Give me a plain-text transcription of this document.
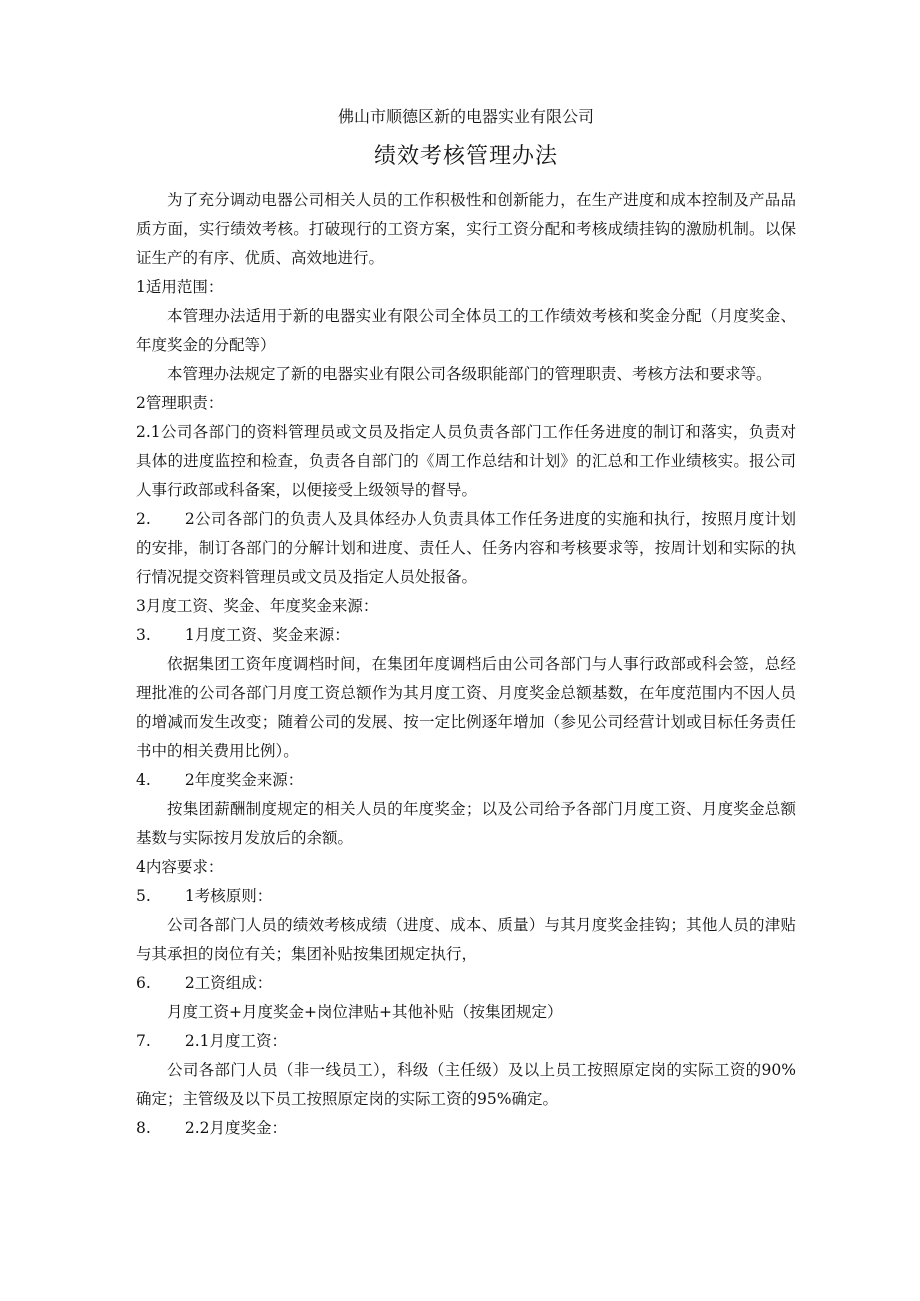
佛山市顺德区新的电器实业有限公司

绩效考核管理办法

为了充分调动电器公司相关人员的工作积极性和创新能力，在生产进度和成本控制及产品品质方面，实行绩效考核。打破现行的工资方案，实行工资分配和考核成绩挂钩的激励机制。以保证生产的有序、优质、高效地进行。

1适用范围：

本管理办法适用于新的电器实业有限公司全体员工的工作绩效考核和奖金分配（月度奖金、年度奖金的分配等）

本管理办法规定了新的电器实业有限公司各级职能部门的管理职责、考核方法和要求等。

2管理职责：

2.1公司各部门的资料管理员或文员及指定人员负责各部门工作任务进度的制订和落实，负责对具体的进度监控和检查，负责各自部门的《周工作总结和计划》的汇总和工作业绩核实。报公司人事行政部或科备案，以便接受上级领导的督导。

2. 2公司各部门的负责人及具体经办人负责具体工作任务进度的实施和执行，按照月度计划的安排，制订各部门的分解计划和进度、责任人、任务内容和考核要求等，按周计划和实际的执行情况提交资料管理员或文员及指定人员处报备。

3月度工资、奖金、年度奖金来源：

3. 1月度工资、奖金来源：

依据集团工资年度调档时间，在集团年度调档后由公司各部门与人事行政部或科会签，总经理批准的公司各部门月度工资总额作为其月度工资、月度奖金总额基数，在年度范围内不因人员的增减而发生改变；随着公司的发展、按一定比例逐年增加（参见公司经营计划或目标任务责任书中的相关费用比例）。

4. 2年度奖金来源：

按集团薪酬制度规定的相关人员的年度奖金；以及公司给予各部门月度工资、月度奖金总额基数与实际按月发放后的余额。

4内容要求：

5. 1考核原则：

公司各部门人员的绩效考核成绩（进度、成本、质量）与其月度奖金挂钩；其他人员的津贴与其承担的岗位有关；集团补贴按集团规定执行，

6. 2工资组成：

月度工资+月度奖金+岗位津贴+其他补贴（按集团规定）

7. 2.1月度工资：

公司各部门人员（非一线员工），科级（主任级）及以上员工按照原定岗的实际工资的90%确定；主管级及以下员工按照原定岗的实际工资的95%确定。

8. 2.2月度奖金：
